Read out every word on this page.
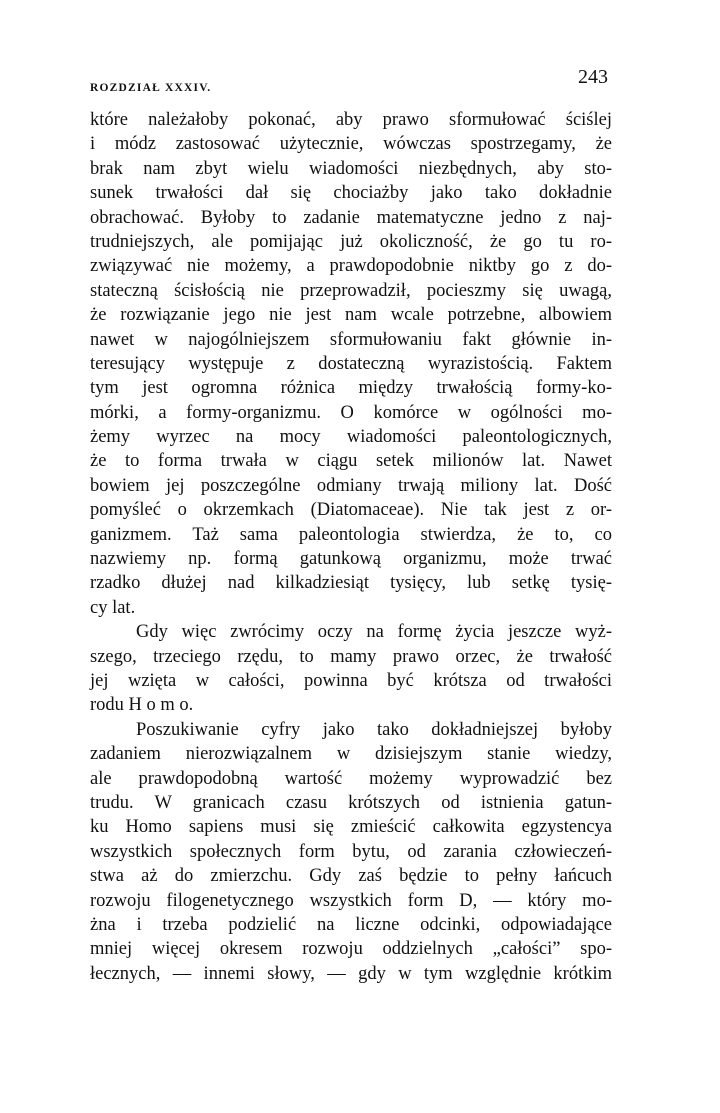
ROZDZIAŁ XXXIV.	243
które należałoby pokonać, aby prawo sformułować ściślej
i módz zastosować użytecznie, wówczas spostrzegamy, że
brak nam zbyt wielu wiadomości niezbędnych, aby sto-
sunek trwałości dał się chociażby jako tako dokładnie
obrachować. Byłoby to zadanie matematyczne jedno z naj-
trudniejszych, ale pomijając już okoliczność, że go tu ro-
związywać nie możemy, a prawdopodobnie niktby go z do-
stateczną ścisłością nie przeprowadził, pocieszmy się uwagą,
że rozwiązanie jego nie jest nam wcale potrzebne, albowiem
nawet w najogólniejszem sformułowaniu fakt głównie in-
teresujący występuje z dostateczną wyrazistością. Faktem
tym jest ogromna różnica między trwałością formy-ko-
mórki, a formy-organizmu. O komórce w ogólności mo-
żemy wyrzec na mocy wiadomości paleontologicznych,
że to forma trwała w ciągu setek milionów lat. Nawet
bowiem jej poszczególne odmiany trwają miliony lat. Dość
pomyśleć o okrzemkach (Diatomaceae). Nie tak jest z or-
ganizmem. Taż sama paleontologia stwierdza, że to, co
nazwiemy np. formą gatunkową organizmu, może trwać
rzadko dłużej nad kilkadziesiąt tysięcy, lub setkę tysię-
cy lat.
Gdy więc zwrócimy oczy na formę życia jeszcze wyż-
szego, trzeciego rzędu, to mamy prawo orzec, że trwałość
jej wzięta w całości, powinna być krótsza od trwałości
rodu H o m o.
Poszukiwanie cyfry jako tako dokładniejszej byłoby
zadaniem nierozwiązalnem w dzisiejszym stanie wiedzy,
ale prawdopodobną wartość możemy wyprowadzić bez
trudu. W granicach czasu krótszych od istnienia gatun-
ku Homo sapiens musi się zmieścić całkowita egzystencya
wszystkich społecznych form bytu, od zarania człowieczeń-
stwa aż do zmierzchu. Gdy zaś będzie to pełny łańcuch
rozwoju filogenetycznego wszystkich form D, — który mo-
żna i trzeba podzielić na liczne odcinki, odpowiadające
mniej więcej okresem rozwoju oddzielnych „całości” spo-
łecznych, — innemi słowy, — gdy w tym względnie krótkim
